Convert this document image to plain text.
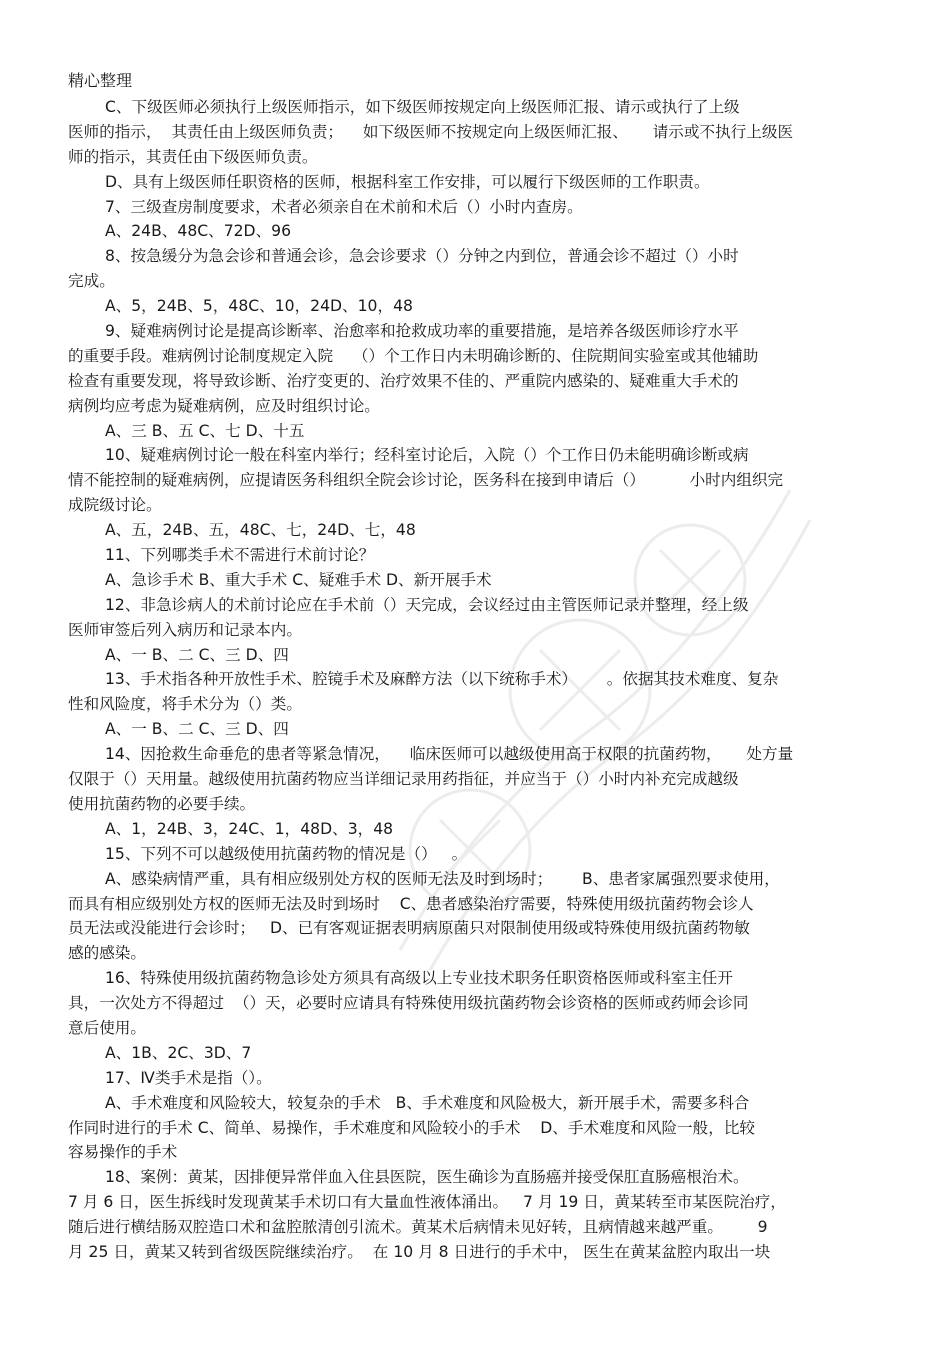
精心整理
C、下级医师必须执行上级医师指示，如下级医师按规定向上级医师汇报、请示或执行了上级
医师的指示，  其责任由上级医师负责；    如下级医师不按规定向上级医师汇报、     请示或不执行上级医
师的指示，其责任由下级医师负责。
D、具有上级医师任职资格的医师，根据科室工作安排，可以履行下级医师的工作职责。
7、三级查房制度要求，术者必须亲自在术前和术后（）小时内查房。
A、24B、48C、72D、96
8、按急缓分为急会诊和普通会诊，急会诊要求（）分钟之内到位，普通会诊不超过（）小时
完成。
A、5，24B、5，48C、10，24D、10，48
9、疑难病例讨论是提高诊断率、治愈率和抢救成功率的重要措施，是培养各级医师诊疗水平
的重要手段。难病例讨论制度规定入院    （）个工作日内未明确诊断的、住院期间实验室或其他辅助
检查有重要发现，将导致诊断、治疗变更的、治疗效果不佳的、严重院内感染的、疑难重大手术的
病例均应考虑为疑难病例，应及时组织讨论。
A、三 B、五 C、七 D、十五
10、疑难病例讨论一般在科室内举行；经科室讨论后，入院（）个工作日仍未能明确诊断或病
情不能控制的疑难病例，应提请医务科组织全院会诊讨论，医务科在接到申请后（）         小时内组织完
成院级讨论。
A、五，24B、五，48C、七，24D、七，48
11、下列哪类手术不需进行术前讨论？
A、急诊手术 B、重大手术 C、疑难手术 D、新开展手术
12、非急诊病人的术前讨论应在手术前（）天完成，会议经过由主管医师记录并整理，经上级
医师审签后列入病历和记录本内。
A、一 B、二 C、三 D、四
13、手术指各种开放性手术、腔镜手术及麻醉方法（以下统称手术）      。依据其技术难度、复杂
性和风险度，将手术分为（）类。
A、一 B、二 C、三 D、四
14、因抢救生命垂危的患者等紧急情况，    临床医师可以越级使用高于权限的抗菌药物，     处方量
仅限于（）天用量。越级使用抗菌药物应当详细记录用药指征，并应当于（）小时内补充完成越级
使用抗菌药物的必要手续。
A、1，24B、3，24C、1，48D、3，48
15、下列不可以越级使用抗菌药物的情况是（）   。
A、感染病情严重，具有相应级别处方权的医师无法及时到场时；      B、患者家属强烈要求使用，
而具有相应级别处方权的医师无法及时到场时    C、患者感染治疗需要，特殊使用级抗菌药物会诊人
员无法或没能进行会诊时；   D、已有客观证据表明病原菌只对限制使用级或特殊使用级抗菌药物敏
感的感染。
16、特殊使用级抗菌药物急诊处方须具有高级以上专业技术职务任职资格医师或科室主任开
具，一次处方不得超过  （）天，必要时应请具有特殊使用级抗菌药物会诊资格的医师或药师会诊同
意后使用。
A、1B、2C、3D、7
17、Ⅳ类手术是指（）。
A、手术难度和风险较大，较复杂的手术   B、手术难度和风险极大，新开展手术，需要多科合
作同时进行的手术 C、简单、易操作，手术难度和风险较小的手术    D、手术难度和风险一般，比较
容易操作的手术
18、案例：黄某，因排便异常伴血入住县医院，医生确诊为直肠癌并接受保肛直肠癌根治术。
7 月 6 日，医生拆线时发现黄某手术切口有大量血性液体涌出。   7 月 19 日，黄某转至市某医院治疗，
随后进行横结肠双腔造口术和盆腔脓清创引流术。黄某术后病情未见好转，且病情越来越严重。       9
月 25 日，黄某又转到省级医院继续治疗。  在 10 月 8 日进行的手术中， 医生在黄某盆腔内取出一块
